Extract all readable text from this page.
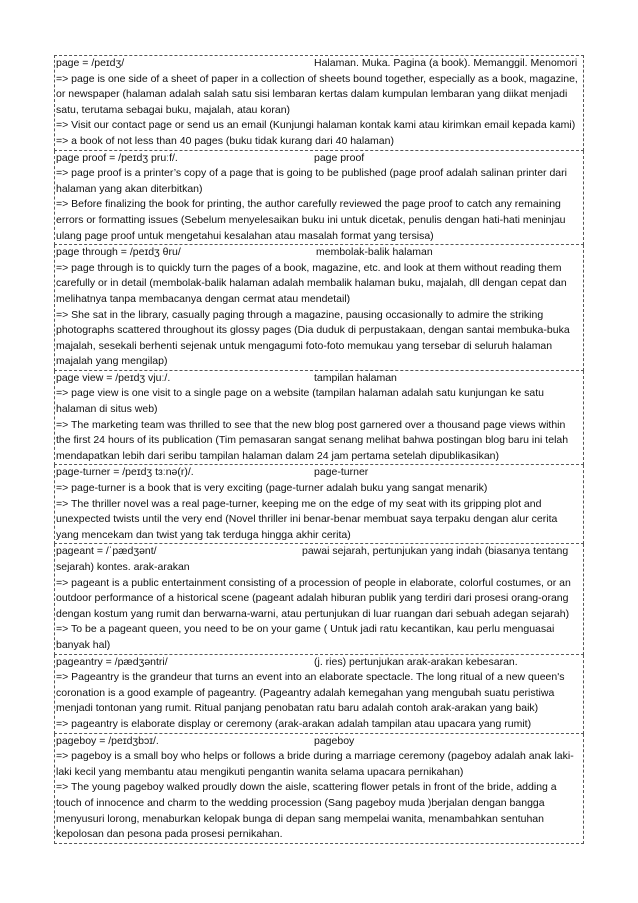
page = /peɪdʒ/	Halaman. Muka. Pagina (a book). Memanggil. Menomori

=> page is one side of a sheet of paper in a collection of sheets bound together, especially as a book, magazine, or newspaper (halaman adalah salah satu sisi lembaran kertas dalam kumpulan lembaran yang diikat menjadi satu, terutama sebagai buku, majalah, atau koran)

=> Visit our contact page or send us an email (Kunjungi halaman kontak kami atau kirimkan email kepada kami)

=> a book of not less than 40 pages (buku tidak kurang dari 40 halaman)

page proof = /peɪdʒ pruːf/.	page proof

=> page proof is a printer’s copy of a page that is going to be published (page proof adalah salinan printer dari halaman yang akan diterbitkan)

=> Before finalizing the book for printing, the author carefully reviewed the page proof to catch any remaining errors or formatting issues (Sebelum menyelesaikan buku ini untuk dicetak, penulis dengan hati-hati meninjau ulang page proof untuk mengetahui kesalahan atau masalah format yang tersisa)

page through = /peɪdʒ θru/	membolak-balik halaman

=> page through is to quickly turn the pages of a book, magazine, etc. and look at them without reading them carefully or in detail (membolak-balik halaman adalah membalik halaman buku, majalah, dll dengan cepat dan melihatnya tanpa membacanya dengan cermat atau mendetail)

=> She sat in the library, casually paging through a magazine, pausing occasionally to admire the striking photographs scattered throughout its glossy pages (Dia duduk di perpustakaan, dengan santai membuka-buka majalah, sesekali berhenti sejenak untuk mengagumi foto-foto memukau yang tersebar di seluruh halaman majalah yang mengilap)

page view = /peɪdʒ vjuː/.	tampilan halaman

=> page view is one visit to a single page on a website (tampilan halaman adalah satu kunjungan ke satu halaman di situs web)

=> The marketing team was thrilled to see that the new blog post garnered over a thousand page views within the first 24 hours of its publication (Tim pemasaran sangat senang melihat bahwa postingan blog baru ini telah mendapatkan lebih dari seribu tampilan halaman dalam 24 jam pertama setelah dipublikasikan)

page-turner = /peɪdʒ tɜːnə(r)/.	page-turner

=> page-turner is a book that is very exciting (page-turner adalah buku yang sangat menarik)

=> The thriller novel was a real page-turner, keeping me on the edge of my seat with its gripping plot and unexpected twists until the very end (Novel thriller ini benar-benar membuat saya terpaku dengan alur cerita yang mencekam dan twist yang tak terduga hingga akhir cerita)

pageant = /ˈpædʒənt/	pawai sejarah, pertunjukan yang indah (biasanya tentang sejarah) kontes. arak-arakan

=> pageant is a public entertainment consisting of a procession of people in elaborate, colorful costumes, or an outdoor performance of a historical scene (pageant adalah hiburan publik yang terdiri dari prosesi orang-orang dengan kostum yang rumit dan berwarna-warni, atau pertunjukan di luar ruangan dari sebuah adegan sejarah)

=> To be a pageant queen, you need to be on your game ( Untuk jadi ratu kecantikan, kau perlu menguasai banyak hal)

pageantry = /pædʒəntri/	(j. ries) pertunjukan arak-arakan kebesaran.

=> Pageantry is the grandeur that turns an event into an elaborate spectacle. The long ritual of a new queen's coronation is a good example of pageantry. (Pageantry adalah kemegahan yang mengubah suatu peristiwa menjadi tontonan yang rumit. Ritual panjang penobatan ratu baru adalah contoh arak-arakan yang baik)

=> pageantry is elaborate display or ceremony (arak-arakan adalah tampilan atau upacara yang rumit)

pageboy = /peɪdʒbɔɪ/.	pageboy

=> pageboy is a small boy who helps or follows a bride during a marriage ceremony (pageboy adalah anak laki-laki kecil yang membantu atau mengikuti pengantin wanita selama upacara pernikahan)

=> The young pageboy walked proudly down the aisle, scattering flower petals in front of the bride, adding a touch of innocence and charm to the wedding procession (Sang pageboy muda )berjalan dengan bangga menyusuri lorong, menaburkan kelopak bunga di depan sang mempelai wanita, menambahkan sentuhan kepolosan dan pesona pada prosesi pernikahan.
